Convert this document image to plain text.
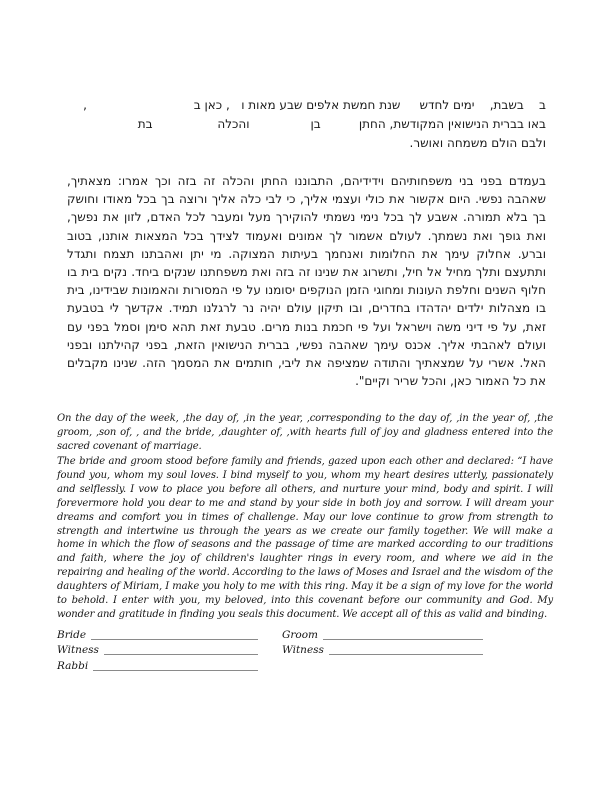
ב    בשבת,    ימים לחדש     שנת חמשת אלפים שבע מאות ו   , כאן ב                            ,
באו בברית הנישואין המקודשת, החתן          בן                והכלה                 בת
ולבם הולם משמחה ואושר.
בעמדם בפני בני משפחותיהם וידידיהם, התבוננו החתן והכלה זה בזה וכך אמרו: מצאתיך, שאהבה נפשי. היום אקשור את כולי ועצמי אליך, כי לבי כלה אליך ורוצה בך בכל מאודו וחושק בך בלא תמורה. אשבע לך בכל נימי נשמתי להוקירך מעל ומעבר לכל האדם, לזון את נפשך, ואת גופך ואת נשמתך. לעולם אשמור לך אמונים ואעמוד לצידך בכל המצאות אותנו, בטוב וברע. אחלוק עימך את החלומות ואנחמך בעיתות המצוקה. מי יתן ואהבתנו תצמח ותגדל ותתעצם ותלך מחיל אל חיל, ותשרוג את שנינו זה בזה ואת משפחתנו שנקים ביחד. נקים בית בו חלוף השנים וחלפת העונות ומחוגי הזמן הנוקפים יסומנו על פי המסורות והאמונות שבידינו, בית בו מצהלות ילדים יהדהדו בחדרים, ובו תיקון עולם יהיה נר לרגלנו תמיד. אקדשך לי בטבעת זאת, על פי דיני משה וישראל ועל פי חכמת בנות מרים. טבעת זאת תהא סימן וסמל בפני עם ועולם לאהבתי אליך. אכנס עימך שאהבה נפשי, בברית הנישואין הזאת, בפני קהילתנו ובפני האל. אשרי על שמצאתיך והתודה שמציפה את ליבי, חותמים את המסמך הזה. שנינו מקבלים את כל האמור כאן, והכל שריר וקיים".
On the day of the week, ,the day of, ,in the year, ,corresponding to the day of, ,in the year of, ,the groom, ,son of, , and the bride, ,daughter of, ,with hearts full of joy and gladness entered into the sacred covenant of marriage.
The bride and groom stood before family and friends, gazed upon each other and declared: “I have found you, whom my soul loves. I bind myself to you, whom my heart desires utterly, passionately and selflessly. I vow to place you before all others, and nurture your mind, body and spirit. I will forevermore hold you dear to me and stand by your side in both joy and sorrow. I will dream your dreams and comfort you in times of challenge. May our love continue to grow from strength to strength and intertwine us through the years as we create our family together. We will make a home in which the flow of seasons and the passage of time are marked according to our traditions and faith, where the joy of children's laughter rings in every room, and where we aid in the repairing and healing of the world. According to the laws of Moses and Israel and the wisdom of the daughters of Miriam, I make you holy to me with this ring. May it be a sign of my love for the world to behold. I enter with you, my beloved, into this covenant before our community and God. My wonder and gratitude in finding you seals this document. We accept all of this as valid and binding.
Bride
Witness
Rabbi
Groom
Witness
